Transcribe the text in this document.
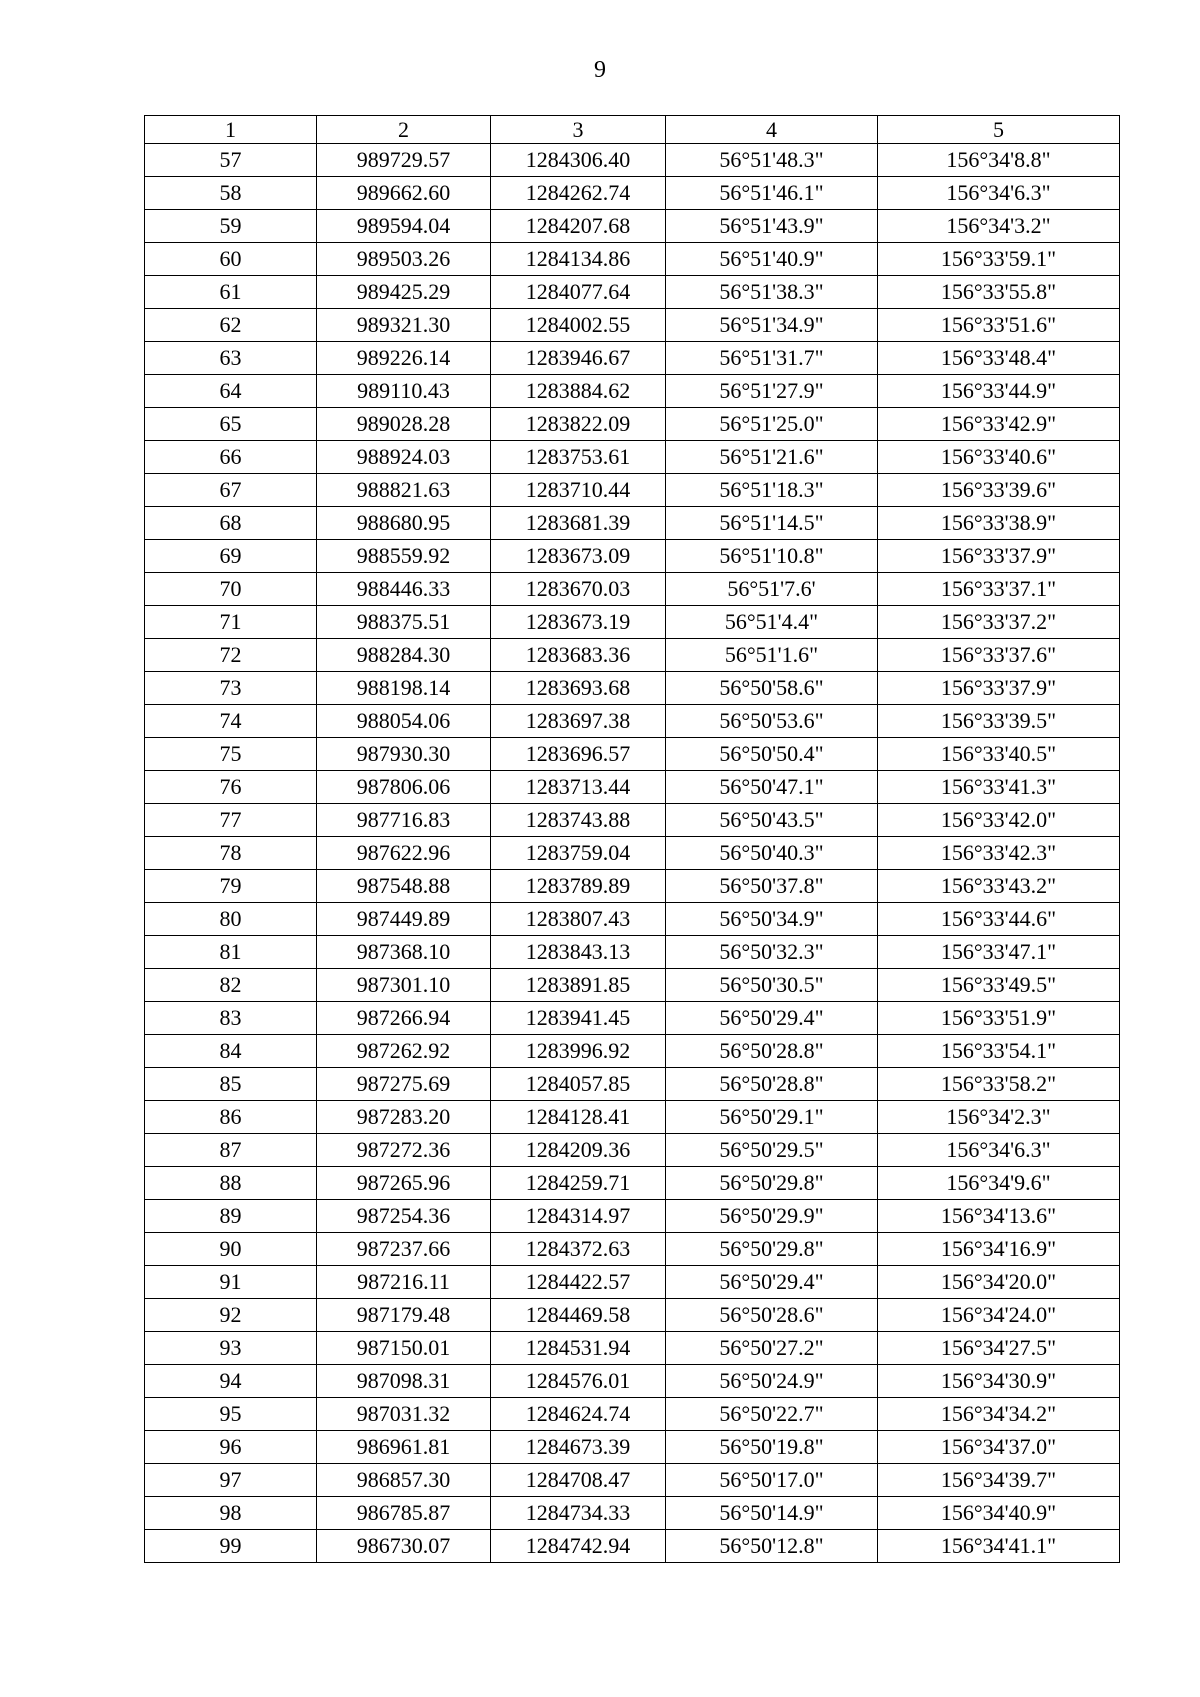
9
1	2	3	4	5
57	989729.57	1284306.40	56°51'48.3"	156°34'8.8"
58	989662.60	1284262.74	56°51'46.1"	156°34'6.3"
59	989594.04	1284207.68	56°51'43.9"	156°34'3.2"
60	989503.26	1284134.86	56°51'40.9"	156°33'59.1"
61	989425.29	1284077.64	56°51'38.3"	156°33'55.8"
62	989321.30	1284002.55	56°51'34.9"	156°33'51.6"
63	989226.14	1283946.67	56°51'31.7"	156°33'48.4"
64	989110.43	1283884.62	56°51'27.9"	156°33'44.9"
65	989028.28	1283822.09	56°51'25.0"	156°33'42.9"
66	988924.03	1283753.61	56°51'21.6"	156°33'40.6"
67	988821.63	1283710.44	56°51'18.3"	156°33'39.6"
68	988680.95	1283681.39	56°51'14.5"	156°33'38.9"
69	988559.92	1283673.09	56°51'10.8"	156°33'37.9"
70	988446.33	1283670.03	56°51'7.6'	156°33'37.1"
71	988375.51	1283673.19	56°51'4.4"	156°33'37.2"
72	988284.30	1283683.36	56°51'1.6"	156°33'37.6"
73	988198.14	1283693.68	56°50'58.6"	156°33'37.9"
74	988054.06	1283697.38	56°50'53.6"	156°33'39.5"
75	987930.30	1283696.57	56°50'50.4"	156°33'40.5"
76	987806.06	1283713.44	56°50'47.1"	156°33'41.3"
77	987716.83	1283743.88	56°50'43.5"	156°33'42.0"
78	987622.96	1283759.04	56°50'40.3"	156°33'42.3"
79	987548.88	1283789.89	56°50'37.8"	156°33'43.2"
80	987449.89	1283807.43	56°50'34.9"	156°33'44.6"
81	987368.10	1283843.13	56°50'32.3"	156°33'47.1"
82	987301.10	1283891.85	56°50'30.5"	156°33'49.5"
83	987266.94	1283941.45	56°50'29.4"	156°33'51.9"
84	987262.92	1283996.92	56°50'28.8"	156°33'54.1"
85	987275.69	1284057.85	56°50'28.8"	156°33'58.2"
86	987283.20	1284128.41	56°50'29.1"	156°34'2.3"
87	987272.36	1284209.36	56°50'29.5"	156°34'6.3"
88	987265.96	1284259.71	56°50'29.8"	156°34'9.6"
89	987254.36	1284314.97	56°50'29.9"	156°34'13.6"
90	987237.66	1284372.63	56°50'29.8"	156°34'16.9"
91	987216.11	1284422.57	56°50'29.4"	156°34'20.0"
92	987179.48	1284469.58	56°50'28.6"	156°34'24.0"
93	987150.01	1284531.94	56°50'27.2"	156°34'27.5"
94	987098.31	1284576.01	56°50'24.9"	156°34'30.9"
95	987031.32	1284624.74	56°50'22.7"	156°34'34.2"
96	986961.81	1284673.39	56°50'19.8"	156°34'37.0"
97	986857.30	1284708.47	56°50'17.0"	156°34'39.7"
98	986785.87	1284734.33	56°50'14.9"	156°34'40.9"
99	986730.07	1284742.94	56°50'12.8"	156°34'41.1"
